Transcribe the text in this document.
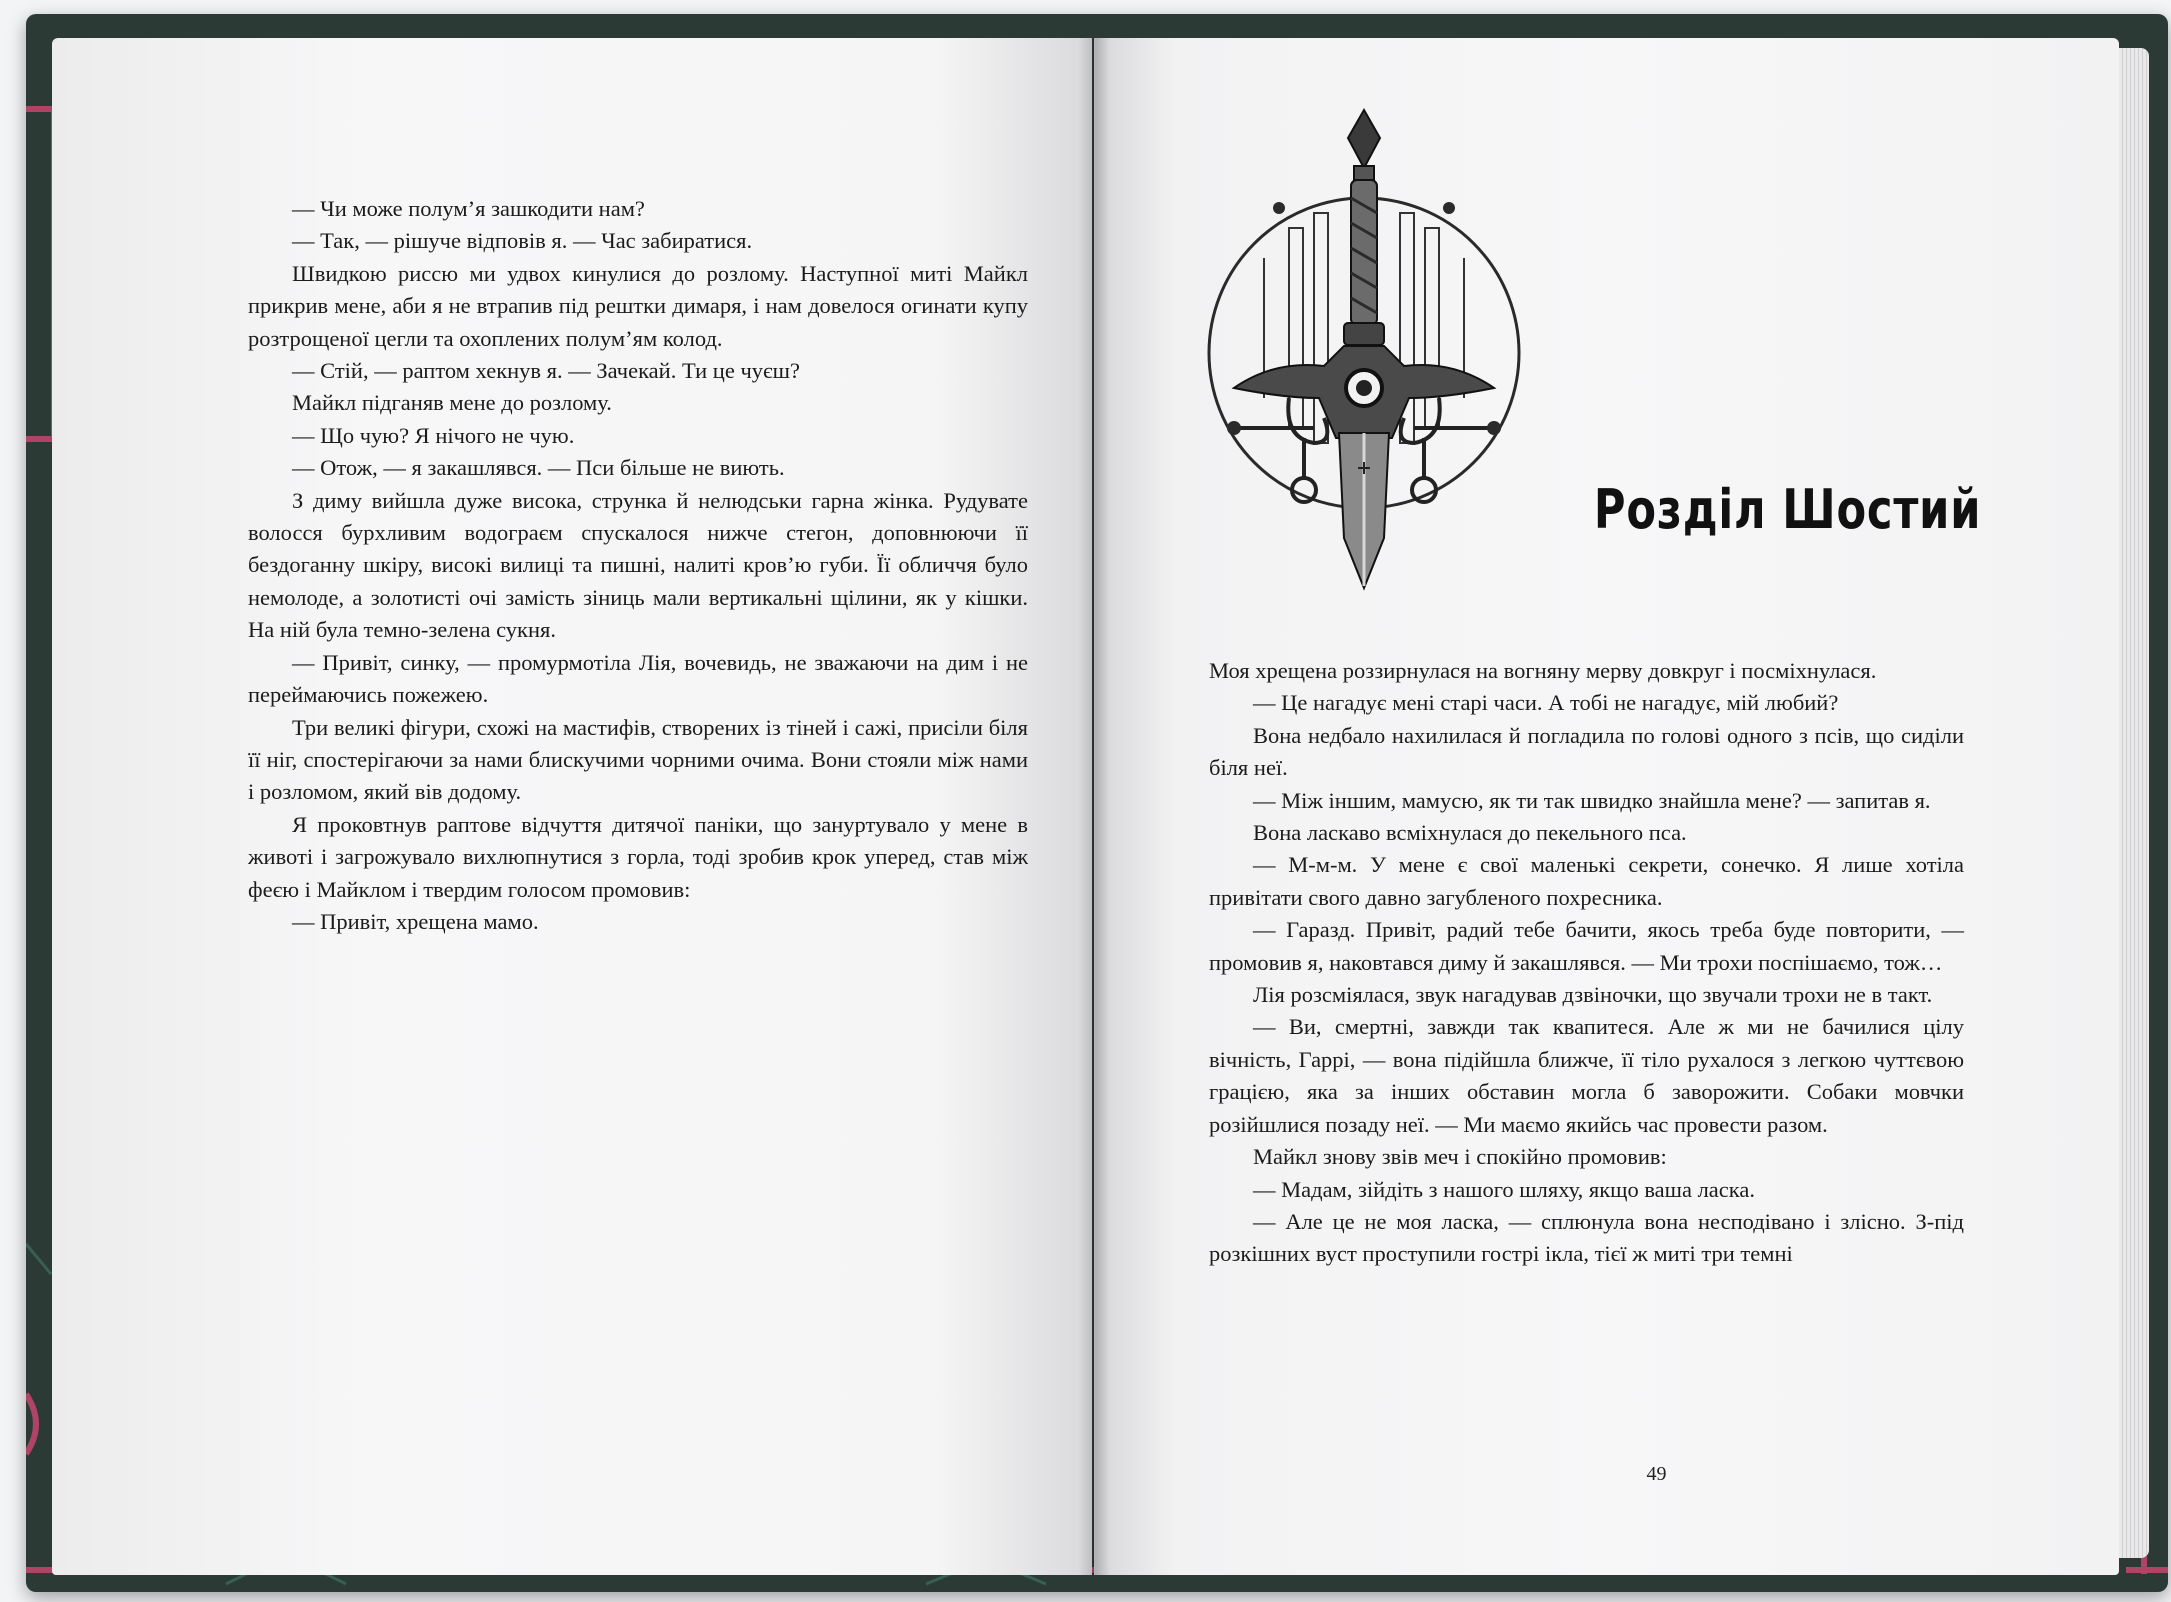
— Чи може полум’я зашкодити нам?

— Так, — рішуче відповів я. — Час забиратися.

Швидкою риссю ми удвох кинулися до розлому. Наступної миті Майкл прикрив мене, аби я не втрапив під рештки димаря, і нам довелося огинати купу розтрощеної цегли та охоплених полум’ям колод.

— Стій, — раптом хекнув я. — Зачекай. Ти це чуєш?

Майкл підганяв мене до розлому.

— Що чую? Я нічого не чую.

— Отож, — я закашлявся. — Пси більше не виють.

З диму вийшла дуже висока, струнка й нелюдськи гарна жінка. Рудувате волосся бурхливим водограєм спускалося нижче стегон, доповнюючи її бездоганну шкіру, високі вилиці та пишні, налиті кров’ю губи. Її обличчя було немолоде, а золотисті очі замість зіниць мали вертикальні щілини, як у кішки. На ній була темно-зелена сукня.

— Привіт, синку, — промурмотіла Лія, вочевидь, не зважаючи на дим і не переймаючись пожежею.

Три великі фігури, схожі на мастифів, створених із тіней і сажі, присіли біля її ніг, спостерігаючи за нами блискучими чорними очима. Вони стояли між нами і розломом, який вів додому.

Я проковтнув раптове відчуття дитячої паніки, що зануртувало у мене в животі і загрожувало вихлюпнутися з горла, тоді зробив крок уперед, став між феєю і Майклом і твердим голосом промовив:

— Привіт, хрещена мамо.

Розділ Шостий

Моя хрещена роззирнулася на вогняну мерву довкруг і посміхнулася.

— Це нагадує мені старі часи. А тобі не нагадує, мій любий?

Вона недбало нахилилася й погладила по голові одного з псів, що сиділи біля неї.

— Між іншим, мамусю, як ти так швидко знайшла мене? — запитав я.

Вона ласкаво всміхнулася до пекельного пса.

— М-м-м. У мене є свої маленькі секрети, сонечко. Я лише хотіла привітати свого давно загубленого похресника.

— Гаразд. Привіт, радий тебе бачити, якось треба буде повторити, — промовив я, наковтався диму й закашлявся. — Ми трохи поспішаємо, тож…

Лія розсміялася, звук нагадував дзвіночки, що звучали трохи не в такт.

— Ви, смертні, завжди так квапитеся. Але ж ми не бачилися цілу вічність, Гаррі, — вона підійшла ближче, її тіло рухалося з легкою чуттєвою грацією, яка за інших обставин могла б заворожити. Собаки мовчки розійшлися позаду неї. — Ми маємо якийсь час провести разом.

Майкл знову звів меч і спокійно промовив:

— Мадам, зійдіть з нашого шляху, якщо ваша ласка.

— Але це не моя ласка, — сплюнула вона несподівано і злісно. З-під розкішних вуст проступили гострі ікла, тієї ж миті три темні

49
